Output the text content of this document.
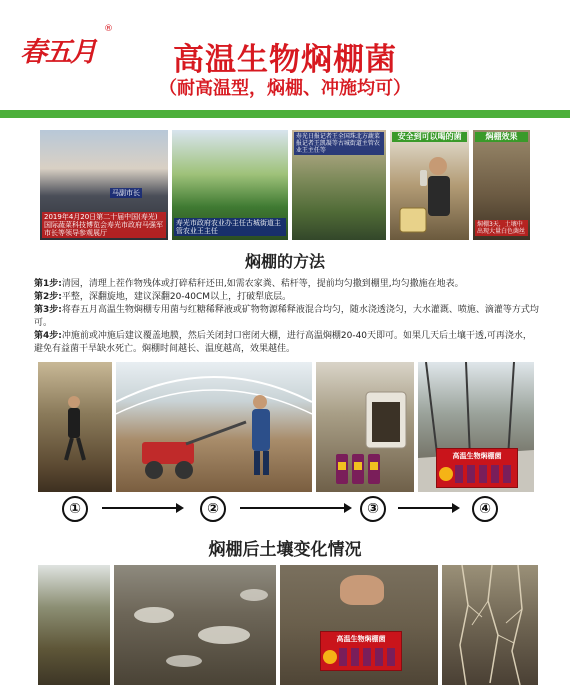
春五月
®
高温生物焖棚菌
（耐高温型，焖棚、冲施均可）
2019年4月20日第二十届中国(寿光)国际蔬菜科技博览会寿光市政府马强军市长等领导参观展厅
马副市长
寿光市政府农业办主任古城街道主管农业王主任
寿光日报记者王全国珠北方蔬菜报记者王凯凝等古城街道主管农业王主任等
安全到可以喝的菌	焖棚效果
焖棚3天，土壤中出现大量白色菌丝
焖棚的方法

第1步:清园，清理上茬作物残体或打碎秸秆还田,如需农家粪、秸杆等，提前均匀撒到棚里,均匀撒施在地表。

第2步:平整，深翻旋地，建议深翻20-40CM以上，打破犁底层。

第3步:将春五月高温生物焖棚专用菌与红糖稀释液或矿物物源稀释液混合均匀，随水浇透浇匀，大水灌溉、喷施、滴灌等方式均可。

第4步:冲施前或冲施后建议覆盖地膜，然后关闭封口密闭大棚，进行高温焖棚20-40天即可。如果几天后土壤干透,可再浇水，避免有益菌干旱缺水死亡。焖棚时间越长、温度越高，效果越佳。

高温生物焖棚菌
①	②	③	④
焖棚后土壤变化情况
高温生物焖棚菌
